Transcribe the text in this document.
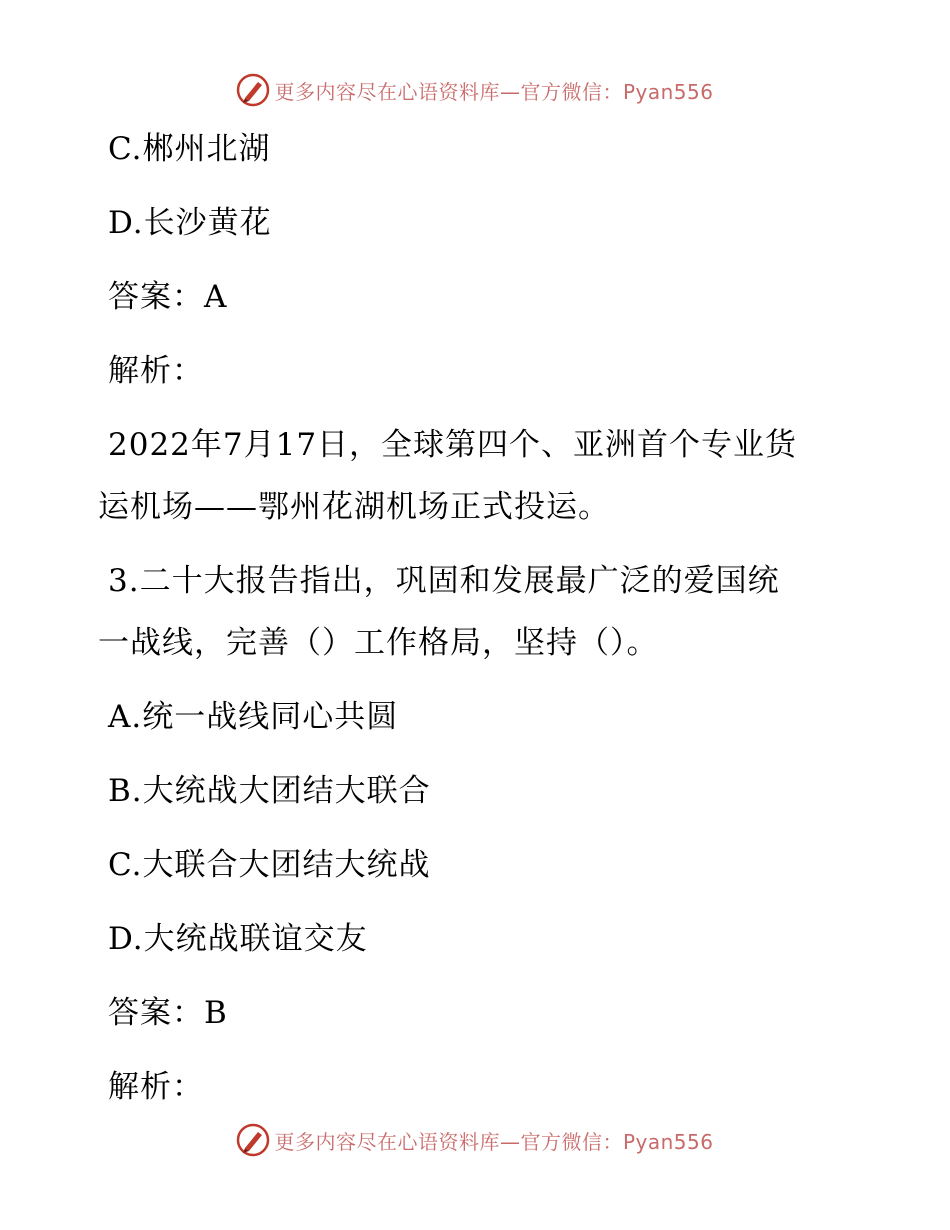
更多内容尽在心语资料库—官方微信：Pyan556
C.郴州北湖
D.长沙黄花
答案：A
解析：
2022年7月17日，全球第四个、亚洲首个专业货
运机场——鄂州花湖机场正式投运。
3.二十大报告指出，巩固和发展最广泛的爱国统
一战线，完善（）工作格局，坚持（）。
A.统一战线同心共圆
B.大统战大团结大联合
C.大联合大团结大统战
D.大统战联谊交友
答案：B
解析：
更多内容尽在心语资料库—官方微信：Pyan556
